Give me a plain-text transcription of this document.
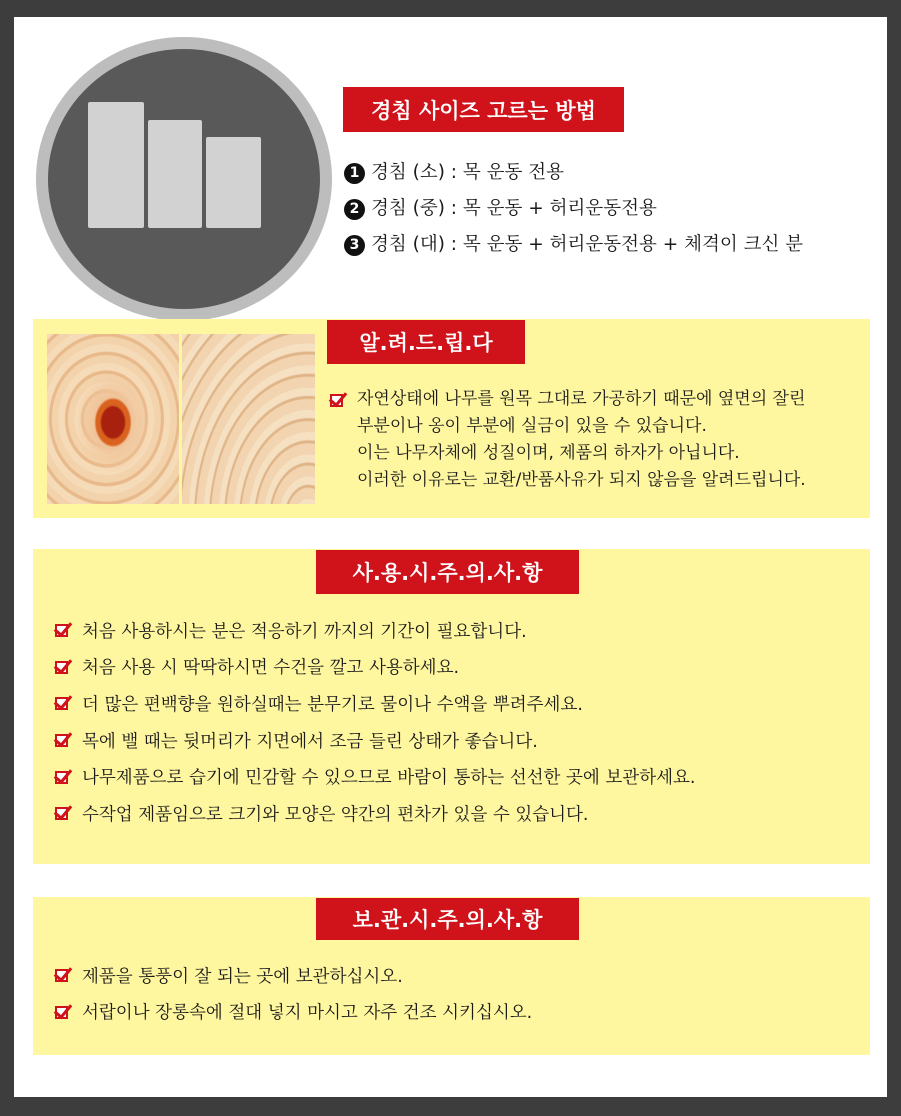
경침 사이즈 고르는 방법
1 경침 (소) : 목 운동 전용
2 경침 (중) : 목 운동 + 허리운동전용
3 경침 (대) : 목 운동 + 허리운동전용 + 체격이 크신 분
알.려.드.립.다
자연상태에 나무를 원목 그대로 가공하기 때문에 옆면의 잘린
부분이나 옹이 부분에 실금이 있을 수 있습니다.
이는 나무자체에 성질이며, 제품의 하자가 아닙니다.
이러한 이유로는 교환/반품사유가 되지 않음을 알려드립니다.
사.용.시.주.의.사.항
처음 사용하시는 분은 적응하기 까지의 기간이 필요합니다.
처음 사용 시 딱딱하시면 수건을 깔고 사용하세요.
더 많은 편백향을 원하실때는 분무기로 물이나 수액을 뿌려주세요.
목에 밸 때는 뒷머리가 지면에서 조금 들린 상태가 좋습니다.
나무제품으로 습기에 민감할 수 있으므로 바람이 통하는 선선한 곳에 보관하세요.
수작업 제품임으로 크기와 모양은 약간의 편차가 있을 수 있습니다.
보.관.시.주.의.사.항
제품을 통풍이 잘 되는 곳에 보관하십시오.
서랍이나 장롱속에 절대 넣지 마시고 자주 건조 시키십시오.
